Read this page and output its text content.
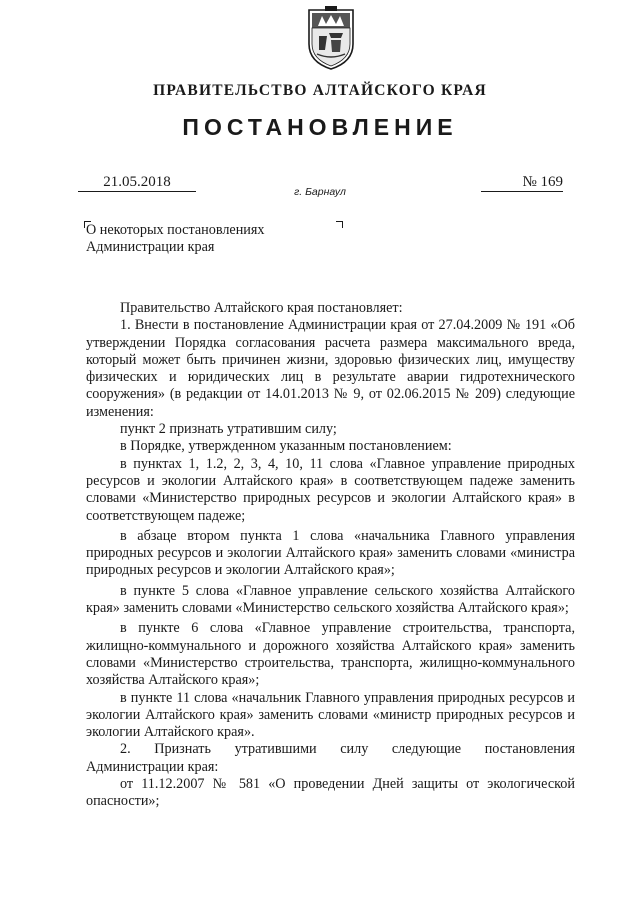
ПРАВИТЕЛЬСТВО АЛТАЙСКОГО КРАЯ
ПОСТАНОВЛЕНИЕ
21.05.2018
г. Барнаул
№ 169
О некоторых постановлениях Администрации края

Правительство Алтайского края постановляет:

1. Внести в постановление Администрации края от 27.04.2009 № 191 «Об утверждении Порядка согласования расчета размера максимального вреда, который может быть причинен жизни, здоровью физических лиц, имуществу физических и юридических лиц в результате аварии гидротехнического сооружения» (в редакции от 14.01.2013 № 9, от 02.06.2015 № 209) следующие изменения:

пункт 2 признать утратившим силу;

в Порядке, утвержденном указанным постановлением:

в пунктах 1, 1.2, 2, 3, 4, 10, 11 слова «Главное управление природных ресурсов и экологии Алтайского края» в соответствующем падеже заменить словами «Министерство природных ресурсов и экологии Алтайского края» в соответствующем падеже;

в абзаце втором пункта 1 слова «начальника Главного управления природных ресурсов и экологии Алтайского края» заменить словами «министра природных ресурсов и экологии Алтайского края»;

в пункте 5 слова «Главное управление сельского хозяйства Алтайского края» заменить словами «Министерство сельского хозяйства Алтайского края»;

в пункте 6 слова «Главное управление строительства, транспорта, жилищно-коммунального и дорожного хозяйства Алтайского края» заменить словами «Министерство строительства, транспорта, жилищно-коммунального хозяйства Алтайского края»;

в пункте 11 слова «начальник Главного управления природных ресурсов и экологии Алтайского края» заменить словами «министр природных ресурсов и экологии Алтайского края».

2. Признать утратившими силу следующие постановления Администрации края:

от 11.12.2007 № 581 «О проведении Дней защиты от экологической опасности»;
